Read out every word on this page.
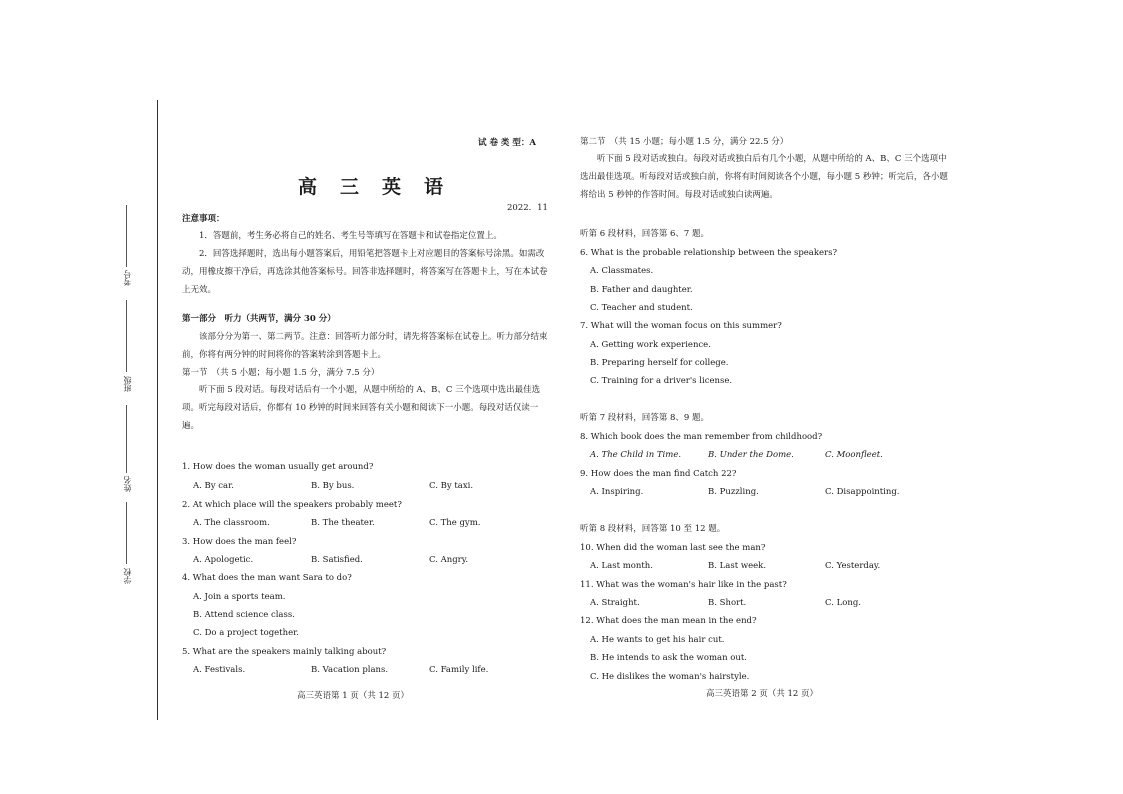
考号
班级
姓名
学校
试 卷 类 型：A
高　三　英　语
2022．11
注意事项：
1．答题前，考生务必将自己的姓名、考生号等填写在答题卡和试卷指定位置上。
2．回答选择题时，选出每小题答案后，用铅笔把答题卡上对应题目的答案标号涂黑。如需改动，用橡皮擦干净后，再选涂其他答案标号。回答非选择题时，将答案写在答题卡上，写在本试卷上无效。
第一部分　听力（共两节，满分 30 分）
该部分分为第一、第二两节。注意：回答听力部分时，请先将答案标在试卷上。听力部分结束前，你将有两分钟的时间将你的答案转涂到答题卡上。
第一节　（共 5 小题；每小题 1.5 分，满分 7.5 分）
听下面 5 段对话。每段对话后有一个小题，从题中所给的 A、B、C 三个选项中选出最佳选项。听完每段对话后，你都有 10 秒钟的时间来回答有关小题和阅读下一小题。每段对话仅读一遍。
1. How does the woman usually get around?
A. By car.	B. By bus.	C. By taxi.
2. At which place will the speakers probably meet?
A. The classroom.	B. The theater.	C. The gym.
3. How does the man feel?
A. Apologetic.	B. Satisfied.	C. Angry.
4. What does the man want Sara to do?
A. Join a sports team.
B. Attend science class.
C. Do a project together.
5. What are the speakers mainly talking about?
A. Festivals.	B. Vacation plans.	C. Family life.
高三英语第 1 页（共 12 页）
第二节　（共 15 小题；每小题 1.5 分，满分 22.5 分）
听下面 5 段对话或独白。每段对话或独白后有几个小题，从题中所给的 A、B、C 三个选项中选出最佳选项。听每段对话或独白前，你将有时间阅读各个小题，每小题 5 秒钟；听完后，各小题将给出 5 秒钟的作答时间。每段对话或独白读两遍。
听第 6 段材料，回答第 6、7 题。
6. What is the probable relationship between the speakers?
A. Classmates.
B. Father and daughter.
C. Teacher and student.
7. What will the woman focus on this summer?
A. Getting work experience.
B. Preparing herself for college.
C. Training for a driver's license.
听第 7 段材料，回答第 8、9 题。
8. Which book does the man remember from childhood?
A. The Child in Time.	B. Under the Dome.	C. Moonfleet.
9. How does the man find Catch 22?
A. Inspiring.	B. Puzzling.	C. Disappointing.
听第 8 段材料，回答第 10 至 12 题。
10. When did the woman last see the man?
A. Last month.	B. Last week.	C. Yesterday.
11. What was the woman's hair like in the past?
A. Straight.	B. Short.	C. Long.
12. What does the man mean in the end?
A. He wants to get his hair cut.
B. He intends to ask the woman out.
C. He dislikes the woman's hairstyle.
高三英语第 2 页（共 12 页）
